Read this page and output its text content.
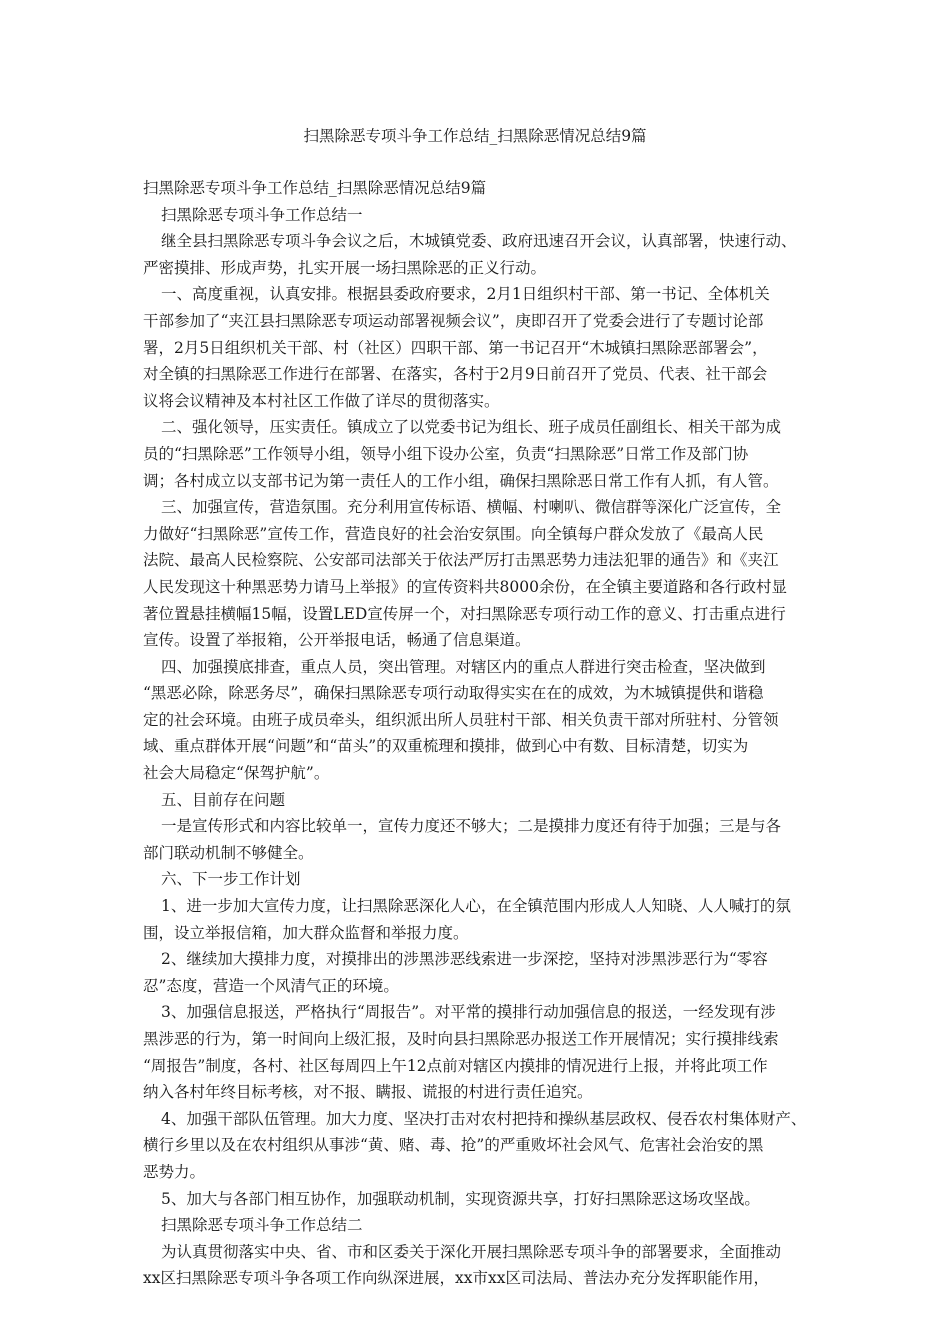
扫黑除恶专项斗争工作总结_扫黑除恶情况总结9篇
扫黑除恶专项斗争工作总结_扫黑除恶情况总结9篇
扫黑除恶专项斗争工作总结一
继全县扫黑除恶专项斗争会议之后，木城镇党委、政府迅速召开会议，认真部署，快速行动、
严密摸排、形成声势，扎实开展一场扫黑除恶的正义行动。
一、高度重视，认真安排。根据县委政府要求，2月1日组织村干部、第一书记、全体机关
干部参加了“夹江县扫黑除恶专项运动部署视频会议”，庚即召开了党委会进行了专题讨论部
署，2月5日组织机关干部、村（社区）四职干部、第一书记召开“木城镇扫黑除恶部署会”，
对全镇的扫黑除恶工作进行在部署、在落实，各村于2月9日前召开了党员、代表、社干部会
议将会议精神及本村社区工作做了详尽的贯彻落实。
二、强化领导，压实责任。镇成立了以党委书记为组长、班子成员任副组长、相关干部为成
员的“扫黑除恶”工作领导小组，领导小组下设办公室，负责“扫黑除恶”日常工作及部门协
调；各村成立以支部书记为第一责任人的工作小组，确保扫黑除恶日常工作有人抓，有人管。
三、加强宣传，营造氛围。充分利用宣传标语、横幅、村喇叭、微信群等深化广泛宣传，全
力做好“扫黑除恶”宣传工作，营造良好的社会治安氛围。向全镇每户群众发放了《最高人民
法院、最高人民检察院、公安部司法部关于依法严厉打击黑恶势力违法犯罪的通告》和《夹江
人民发现这十种黑恶势力请马上举报》的宣传资料共8000余份，在全镇主要道路和各行政村显
著位置悬挂横幅15幅，设置LED宣传屏一个，对扫黑除恶专项行动工作的意义、打击重点进行
宣传。设置了举报箱，公开举报电话，畅通了信息渠道。
四、加强摸底排查，重点人员，突出管理。对辖区内的重点人群进行突击检查，坚决做到
“黑恶必除，除恶务尽”，确保扫黑除恶专项行动取得实实在在的成效，为木城镇提供和谐稳
定的社会环境。由班子成员牵头，组织派出所人员驻村干部、相关负责干部对所驻村、分管领
域、重点群体开展“问题”和“苗头”的双重梳理和摸排，做到心中有数、目标清楚，切实为
社会大局稳定“保驾护航”。
五、目前存在问题
一是宣传形式和内容比较单一，宣传力度还不够大；二是摸排力度还有待于加强；三是与各
部门联动机制不够健全。
六、下一步工作计划
1、进一步加大宣传力度，让扫黑除恶深化人心，在全镇范围内形成人人知晓、人人喊打的氛
围，设立举报信箱，加大群众监督和举报力度。
2、继续加大摸排力度，对摸排出的涉黑涉恶线索进一步深挖，坚持对涉黑涉恶行为“零容
忍”态度，营造一个风清气正的环境。
3、加强信息报送，严格执行“周报告”。对平常的摸排行动加强信息的报送，一经发现有涉
黑涉恶的行为，第一时间向上级汇报，及时向县扫黑除恶办报送工作开展情况；实行摸排线索
“周报告”制度，各村、社区每周四上午12点前对辖区内摸排的情况进行上报，并将此项工作
纳入各村年终目标考核，对不报、瞒报、谎报的村进行责任追究。
4、加强干部队伍管理。加大力度、坚决打击对农村把持和操纵基层政权、侵吞农村集体财产、
横行乡里以及在农村组织从事涉“黄、赌、毒、抢”的严重败坏社会风气、危害社会治安的黑
恶势力。
5、加大与各部门相互协作，加强联动机制，实现资源共享，打好扫黑除恶这场攻坚战。
扫黑除恶专项斗争工作总结二
为认真贯彻落实中央、省、市和区委关于深化开展扫黑除恶专项斗争的部署要求，全面推动
xx区扫黑除恶专项斗争各项工作向纵深进展，xx市xx区司法局、普法办充分发挥职能作用，
